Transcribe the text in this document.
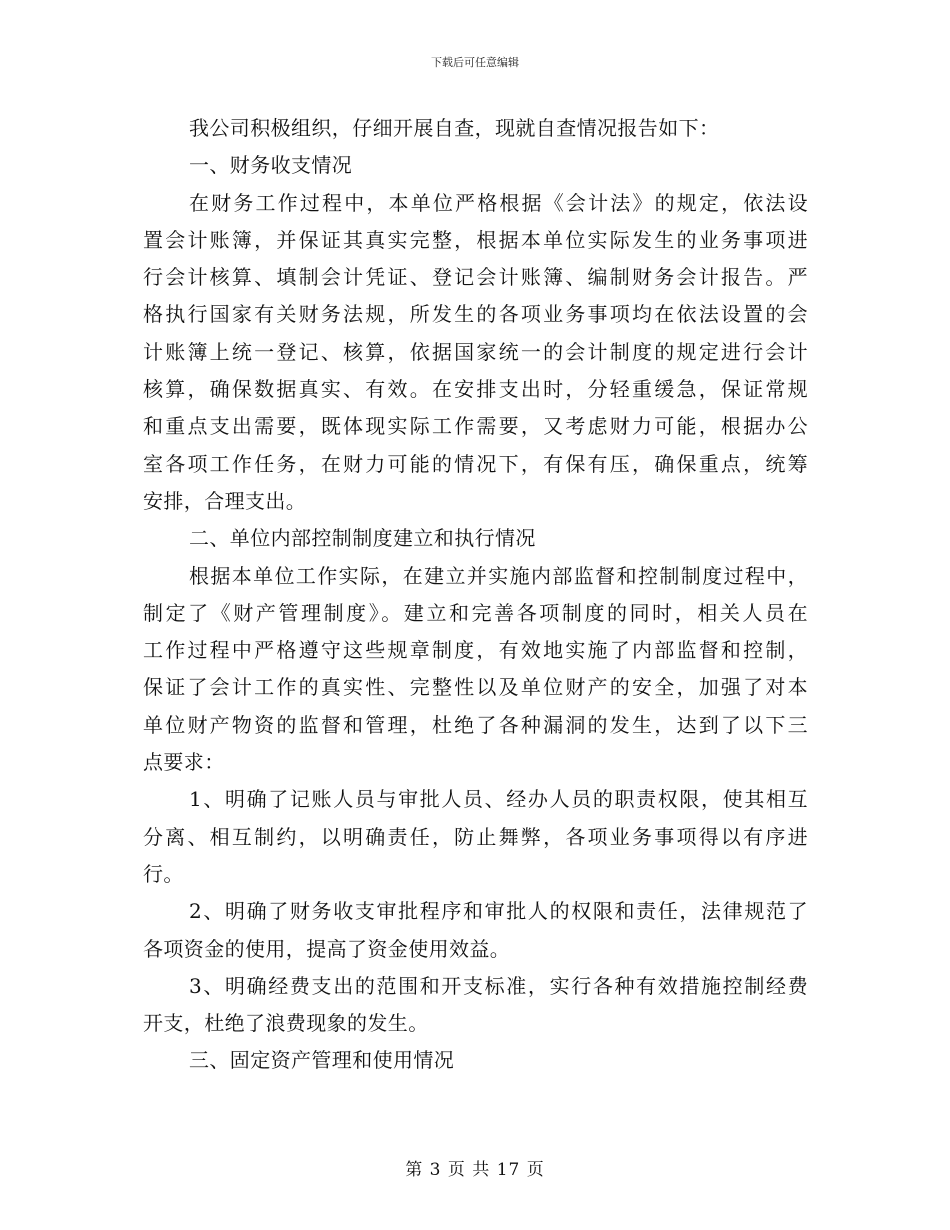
下载后可任意编辑
我公司积极组织，仔细开展自查，现就自查情况报告如下：
一、财务收支情况
在财务工作过程中，本单位严格根据《会计法》的规定，依法设
置会计账簿，并保证其真实完整，根据本单位实际发生的业务事项进
行会计核算、填制会计凭证、登记会计账簿、编制财务会计报告。严
格执行国家有关财务法规，所发生的各项业务事项均在依法设置的会
计账簿上统一登记、核算，依据国家统一的会计制度的规定进行会计
核算，确保数据真实、有效。在安排支出时，分轻重缓急，保证常规
和重点支出需要，既体现实际工作需要，又考虑财力可能，根据办公
室各项工作任务，在财力可能的情况下，有保有压，确保重点，统筹
安排，合理支出。
二、单位内部控制制度建立和执行情况
根据本单位工作实际，在建立并实施内部监督和控制制度过程中，
制定了《财产管理制度》。建立和完善各项制度的同时，相关人员在
工作过程中严格遵守这些规章制度，有效地实施了内部监督和控制，
保证了会计工作的真实性、完整性以及单位财产的安全，加强了对本
单位财产物资的监督和管理，杜绝了各种漏洞的发生，达到了以下三
点要求：
1、明确了记账人员与审批人员、经办人员的职责权限，使其相互
分离、相互制约，以明确责任，防止舞弊，各项业务事项得以有序进
行。
2、明确了财务收支审批程序和审批人的权限和责任，法律规范了
各项资金的使用，提高了资金使用效益。
3、明确经费支出的范围和开支标准，实行各种有效措施控制经费
开支，杜绝了浪费现象的发生。
三、固定资产管理和使用情况
第 3 页 共 17 页
